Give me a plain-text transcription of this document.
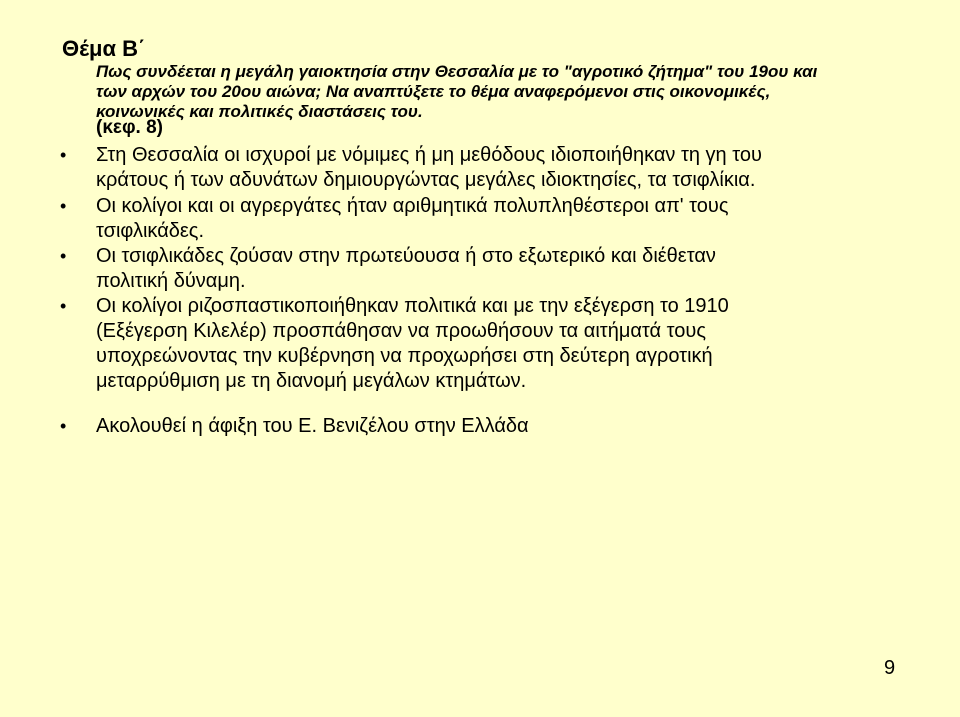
Θέμα Β΄
Πως συνδέεται η μεγάλη γαιοκτησία στην Θεσσαλία με το "αγροτικό ζήτημα" του 19ου και
των αρχών του 20ου αιώνα; Να αναπτύξετε το θέμα αναφερόμενοι στις οικονομικές,
κοινωνικές και πολιτικές διαστάσεις του.
(κεφ. 8)
• Στη Θεσσαλία οι ισχυροί με νόμιμες ή μη μεθόδους ιδιοποιήθηκαν τη γη του
κράτους ή των αδυνάτων δημιουργώντας μεγάλες ιδιοκτησίες, τα τσιφλίκια.
• Οι κολίγοι και οι αγρεργάτες ήταν αριθμητικά πολυπληθέστεροι απ' τους
τσιφλικάδες.
• Οι τσιφλικάδες ζούσαν στην πρωτεύουσα ή στο εξωτερικό και διέθεταν
πολιτική δύναμη.
• Οι κολίγοι ριζοσπαστικοποιήθηκαν πολιτικά και με την εξέγερση το 1910
(Εξέγερση Κιλελέρ) προσπάθησαν να προωθήσουν τα αιτήματά τους
υποχρεώνοντας την κυβέρνηση να προχωρήσει στη δεύτερη αγροτική
μεταρρύθμιση με τη διανομή μεγάλων κτημάτων.
• Ακολουθεί η άφιξη του Ε. Βενιζέλου στην Ελλάδα
9
